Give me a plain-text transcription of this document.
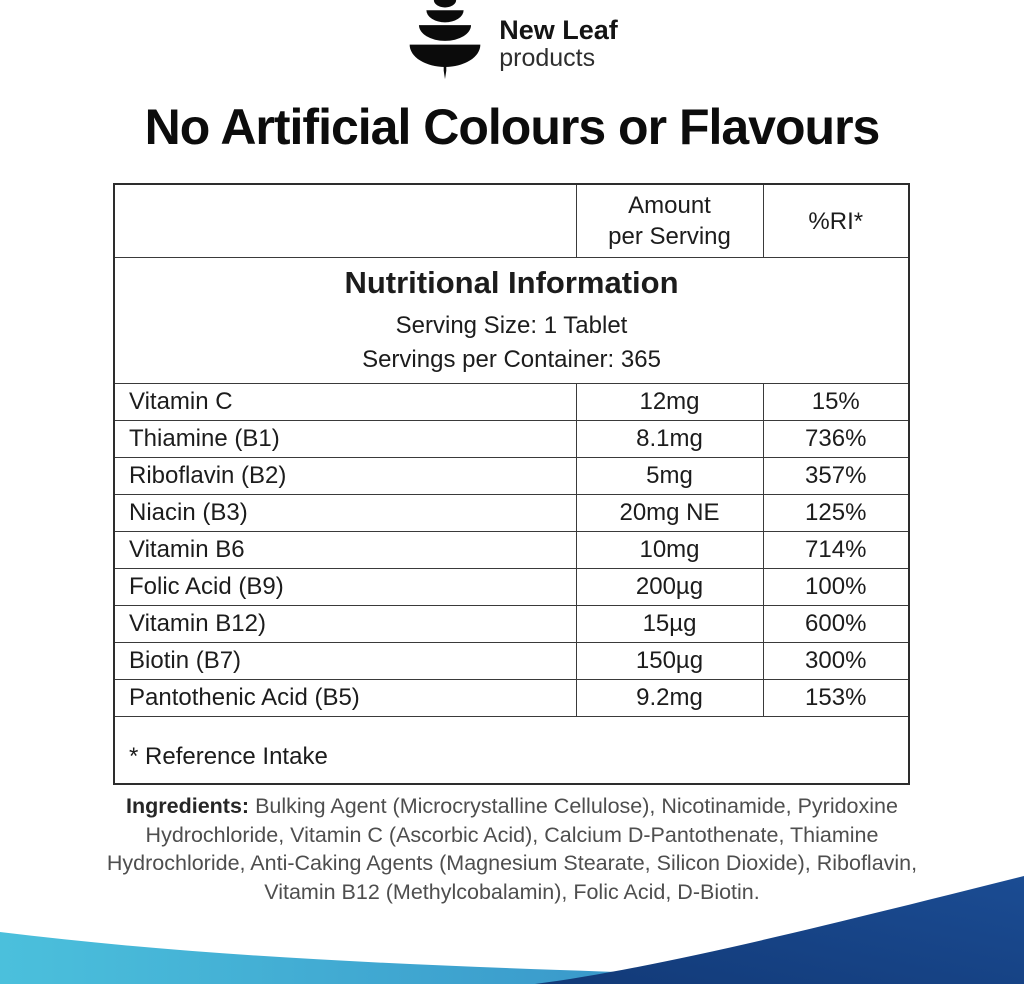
New Leaf
products
No Artificial Colours or Flavours
Nutritional Information
Serving Size: 1 Tablet
Servings per Container: 365		

	Amount
per Serving	%RI*
Vitamin C	12mg	15%
Thiamine (B1)	8.1mg	736%
Riboflavin (B2)	5mg	357%
Niacin (B3)	20mg NE	125%
Vitamin B6	10mg	714%
Folic Acid (B9)	200µg	100%
Vitamin B12)	15µg	600%
Biotin (B7)	150µg	300%
Pantothenic Acid (B5)	9.2mg	153%
* Reference Intake		

Ingredients: Bulking Agent (Microcrystalline Cellulose), Nicotinamide, Pyridoxine Hydrochloride, Vitamin C (Ascorbic Acid), Calcium D-Pantothenate, Thiamine Hydrochloride, Anti-Caking Agents (Magnesium Stearate, Silicon Dioxide), Riboflavin, Vitamin B12 (Methylcobalamin), Folic Acid, D-Biotin.
